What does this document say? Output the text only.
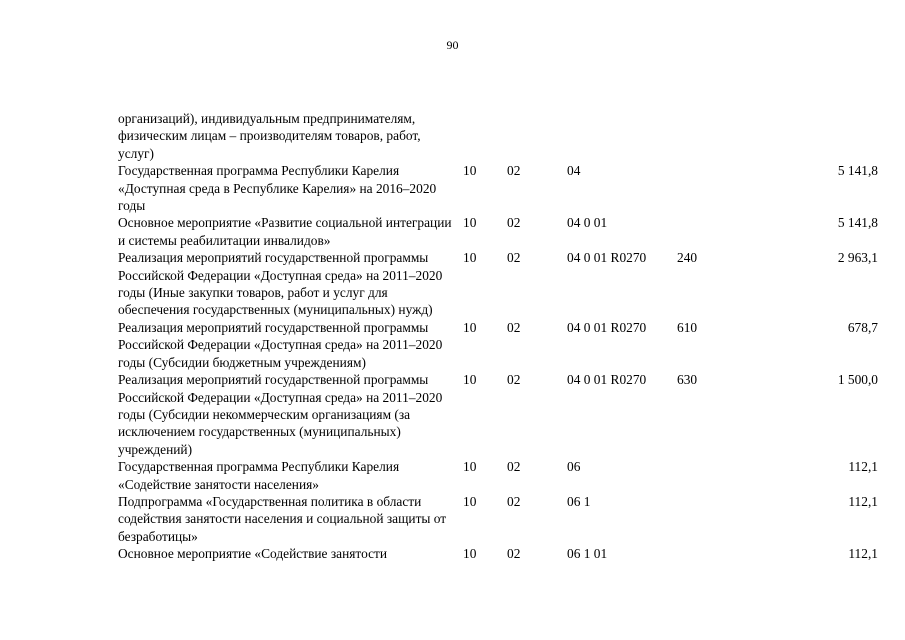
90
организаций), индивидуальным предпринимателям, физическим лицам – производителям товаров, работ, услуг)					
Государственная программа Республики Карелия «Доступная среда в Республике Карелия» на 2016–2020 годы	10	02	04		5 141,8
Основное мероприятие «Развитие социальной интеграции и системы реабилитации инвалидов»	10	02	04 0 01		5 141,8
Реализация мероприятий государственной программы Российской Федерации «Доступная среда» на 2011–2020 годы (Иные закупки товаров, работ и услуг для обеспечения государственных (муниципальных) нужд)	10	02	04 0 01 R0270	240	2 963,1
Реализация мероприятий государственной программы Российской Федерации «Доступная среда» на 2011–2020 годы (Субсидии бюджетным учреждениям)	10	02	04 0 01 R0270	610	678,7
Реализация мероприятий государственной программы Российской Федерации «Доступная среда» на 2011–2020 годы (Субсидии некоммерческим организациям (за исключением государственных (муниципальных) учреждений)	10	02	04 0 01 R0270	630	1 500,0
Государственная программа Республики Карелия «Содействие занятости населения»	10	02	06		112,1
Подпрограмма «Государственная политика в области содействия занятости населения и социальной защиты от безработицы»	10	02	06 1		112,1
Основное мероприятие «Содействие занятости	10	02	06 1 01		112,1
